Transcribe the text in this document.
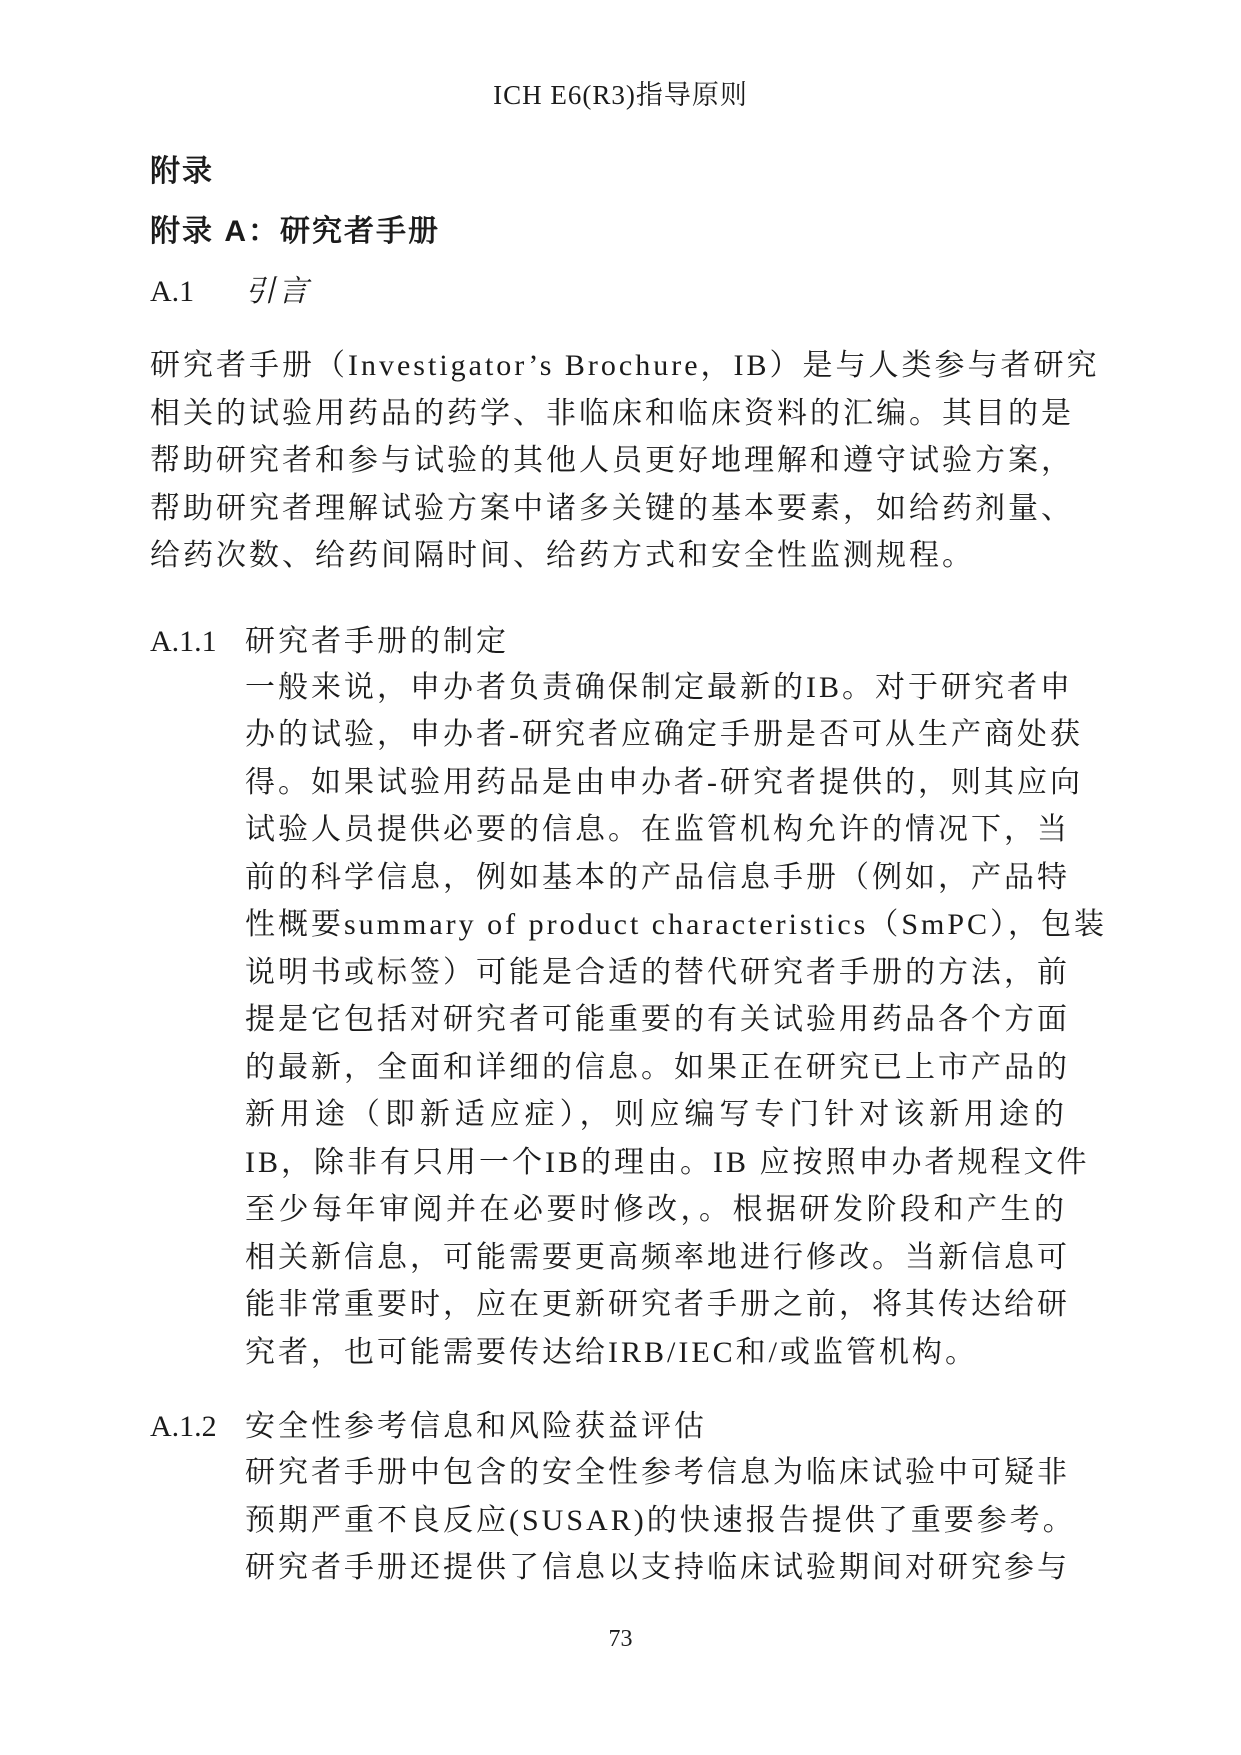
ICH E6(R3)指导原则
附录
附录 A：研究者手册
A.1 引言
研究者手册（Investigator’s Brochure，IB）是与人类参与者研究
相关的试验用药品的药学、非临床和临床资料的汇编。其目的是
帮助研究者和参与试验的其他人员更好地理解和遵守试验方案，
帮助研究者理解试验方案中诸多关键的基本要素，如给药剂量、
给药次数、给药间隔时间、给药方式和安全性监测规程。
A.1.1 研究者手册的制定
一般来说，申办者负责确保制定最新的IB。对于研究者申
办的试验，申办者-研究者应确定手册是否可从生产商处获
得。如果试验用药品是由申办者-研究者提供的，则其应向
试验人员提供必要的信息。在监管机构允许的情况下，当
前的科学信息，例如基本的产品信息手册（例如，产品特
性概要summary of product characteristics（SmPC），包装
说明书或标签）可能是合适的替代研究者手册的方法，前
提是它包括对研究者可能重要的有关试验用药品各个方面
的最新，全面和详细的信息。如果正在研究已上市产品的
新用途（即新适应症），则应编写专门针对该新用途的
IB，除非有只用一个IB的理由。IB 应按照申办者规程文件
至少每年审阅并在必要时修改，。根据研发阶段和产生的
相关新信息，可能需要更高频率地进行修改。当新信息可
能非常重要时，应在更新研究者手册之前，将其传达给研
究者，也可能需要传达给IRB/IEC和/或监管机构。
A.1.2 安全性参考信息和风险获益评估
研究者手册中包含的安全性参考信息为临床试验中可疑非
预期严重不良反应(SUSAR)的快速报告提供了重要参考。
研究者手册还提供了信息以支持临床试验期间对研究参与
73
